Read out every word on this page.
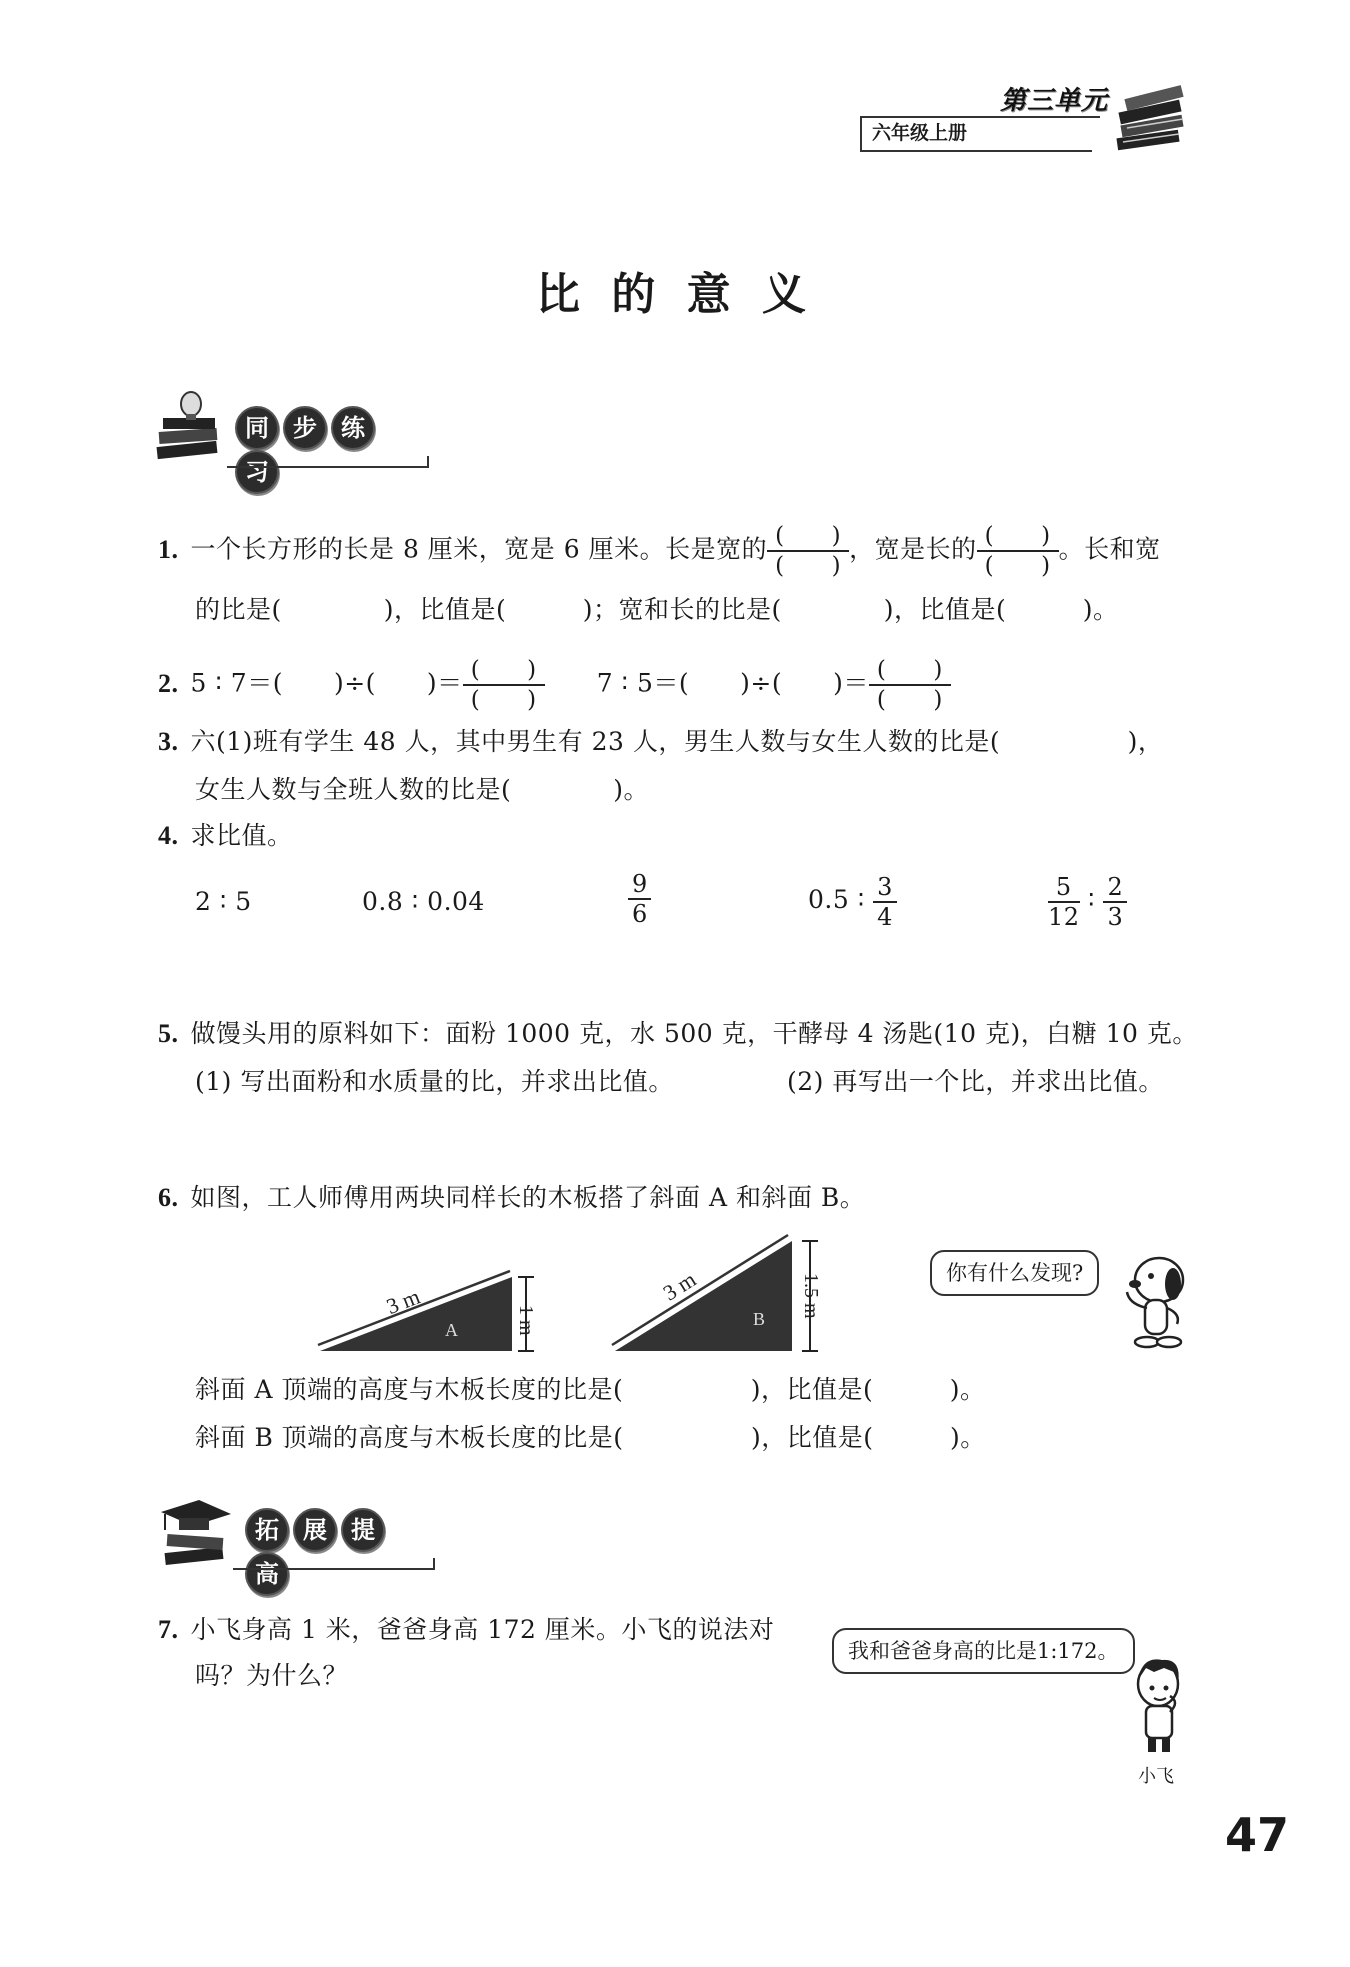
六年级上册
第三单元
比 的 意 义
同 步 练习
1. 一个长方形的长是 8 厘米，宽是 6 厘米。长是宽的 (　　)
(　　)
，宽是长的 (　　)
(　　)
。长和宽
的比是(　　　　)，比值是(　　　)；宽和长的比是(　　　　)，比值是(　　　)。
2. 5 ∶ 7＝(　　)÷(　　)＝ (　　)
(　　)
7 ∶ 5＝(　　)÷(　　)＝ (　　)
(　　)
3. 六(1)班有学生 48 人，其中男生有 23 人，男生人数与女生人数的比是(　　　　　)，
女生人数与全班人数的比是(　　　　)。
4. 求比值。
2 ∶ 5	0.8 ∶ 0.04	$\frac{9}{6}$	0.5 ∶ $\frac{3}{4}$	$\frac{5}{12}$ ∶ $\frac{2}{3}$
5. 做馒头用的原料如下：面粉 1000 克，水 500 克，干酵母 4 汤匙(10 克)，白糖 10 克。
(1) 写出面粉和水质量的比，并求出比值。	(2) 再写出一个比，并求出比值。
6. 如图，工人师傅用两块同样长的木板搭了斜面 A 和斜面 B。
3 m
A	1 m
3 m
B
1.5 m	你有什么发现?
斜面 A 顶端的高度与木板长度的比是(　　　　　)，比值是(　　　)。
斜面 B 顶端的高度与木板长度的比是(　　　　　)，比值是(　　　)。
拓 展 提高
7. 小飞身高 1 米，爸爸身高 172 厘米。小飞的说法对
吗？为什么？
我和爸爸身高的比是1:172。
小飞
47
